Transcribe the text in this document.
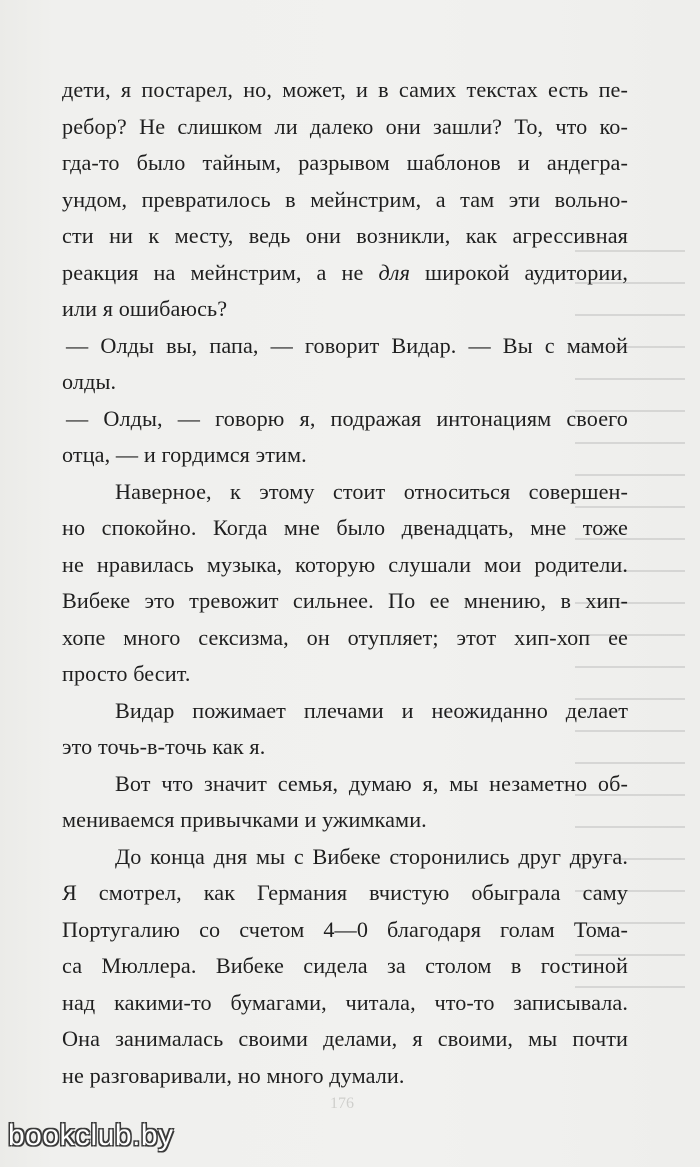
дети, я постарел, но, может, и в самих текстах есть пе-
ребор? Не слишком ли далеко они зашли? То, что ко-
гда-то было тайным, разрывом шаблонов и андегра-
ундом, превратилось в мейнстрим, а там эти вольно-
сти ни к месту, ведь они возникли, как агрессивная
реакция на мейнстрим, а не для широкой аудитории,
или я ошибаюсь?
— Олды вы, папа, — говорит Видар. — Вы с мамой
олды.
— Олды, — говорю я, подражая интонациям своего
отца, — и гордимся этим.
Наверное, к этому стоит относиться совершен-
но спокойно. Когда мне было двенадцать, мне тоже
не нравилась музыка, которую слушали мои родители.
Вибеке это тревожит сильнее. По ее мнению, в хип-
хопе много сексизма, он отупляет; этот хип-хоп ее
просто бесит.
Видар пожимает плечами и неожиданно делает
это точь-в-точь как я.
Вот что значит семья, думаю я, мы незаметно об-
мениваемся привычками и ужимками.
До конца дня мы с Вибеке сторонились друг друга.
Я смотрел, как Германия вчистую обыграла саму
Португалию со счетом 4—0 благодаря голам Тома-
са Мюллера. Вибеке сидела за столом в гостиной
над какими-то бумагами, читала, что-то записывала.
Она занималась своими делами, я своими, мы почти
не разговаривали, но много думали.
176
bookclub.by
